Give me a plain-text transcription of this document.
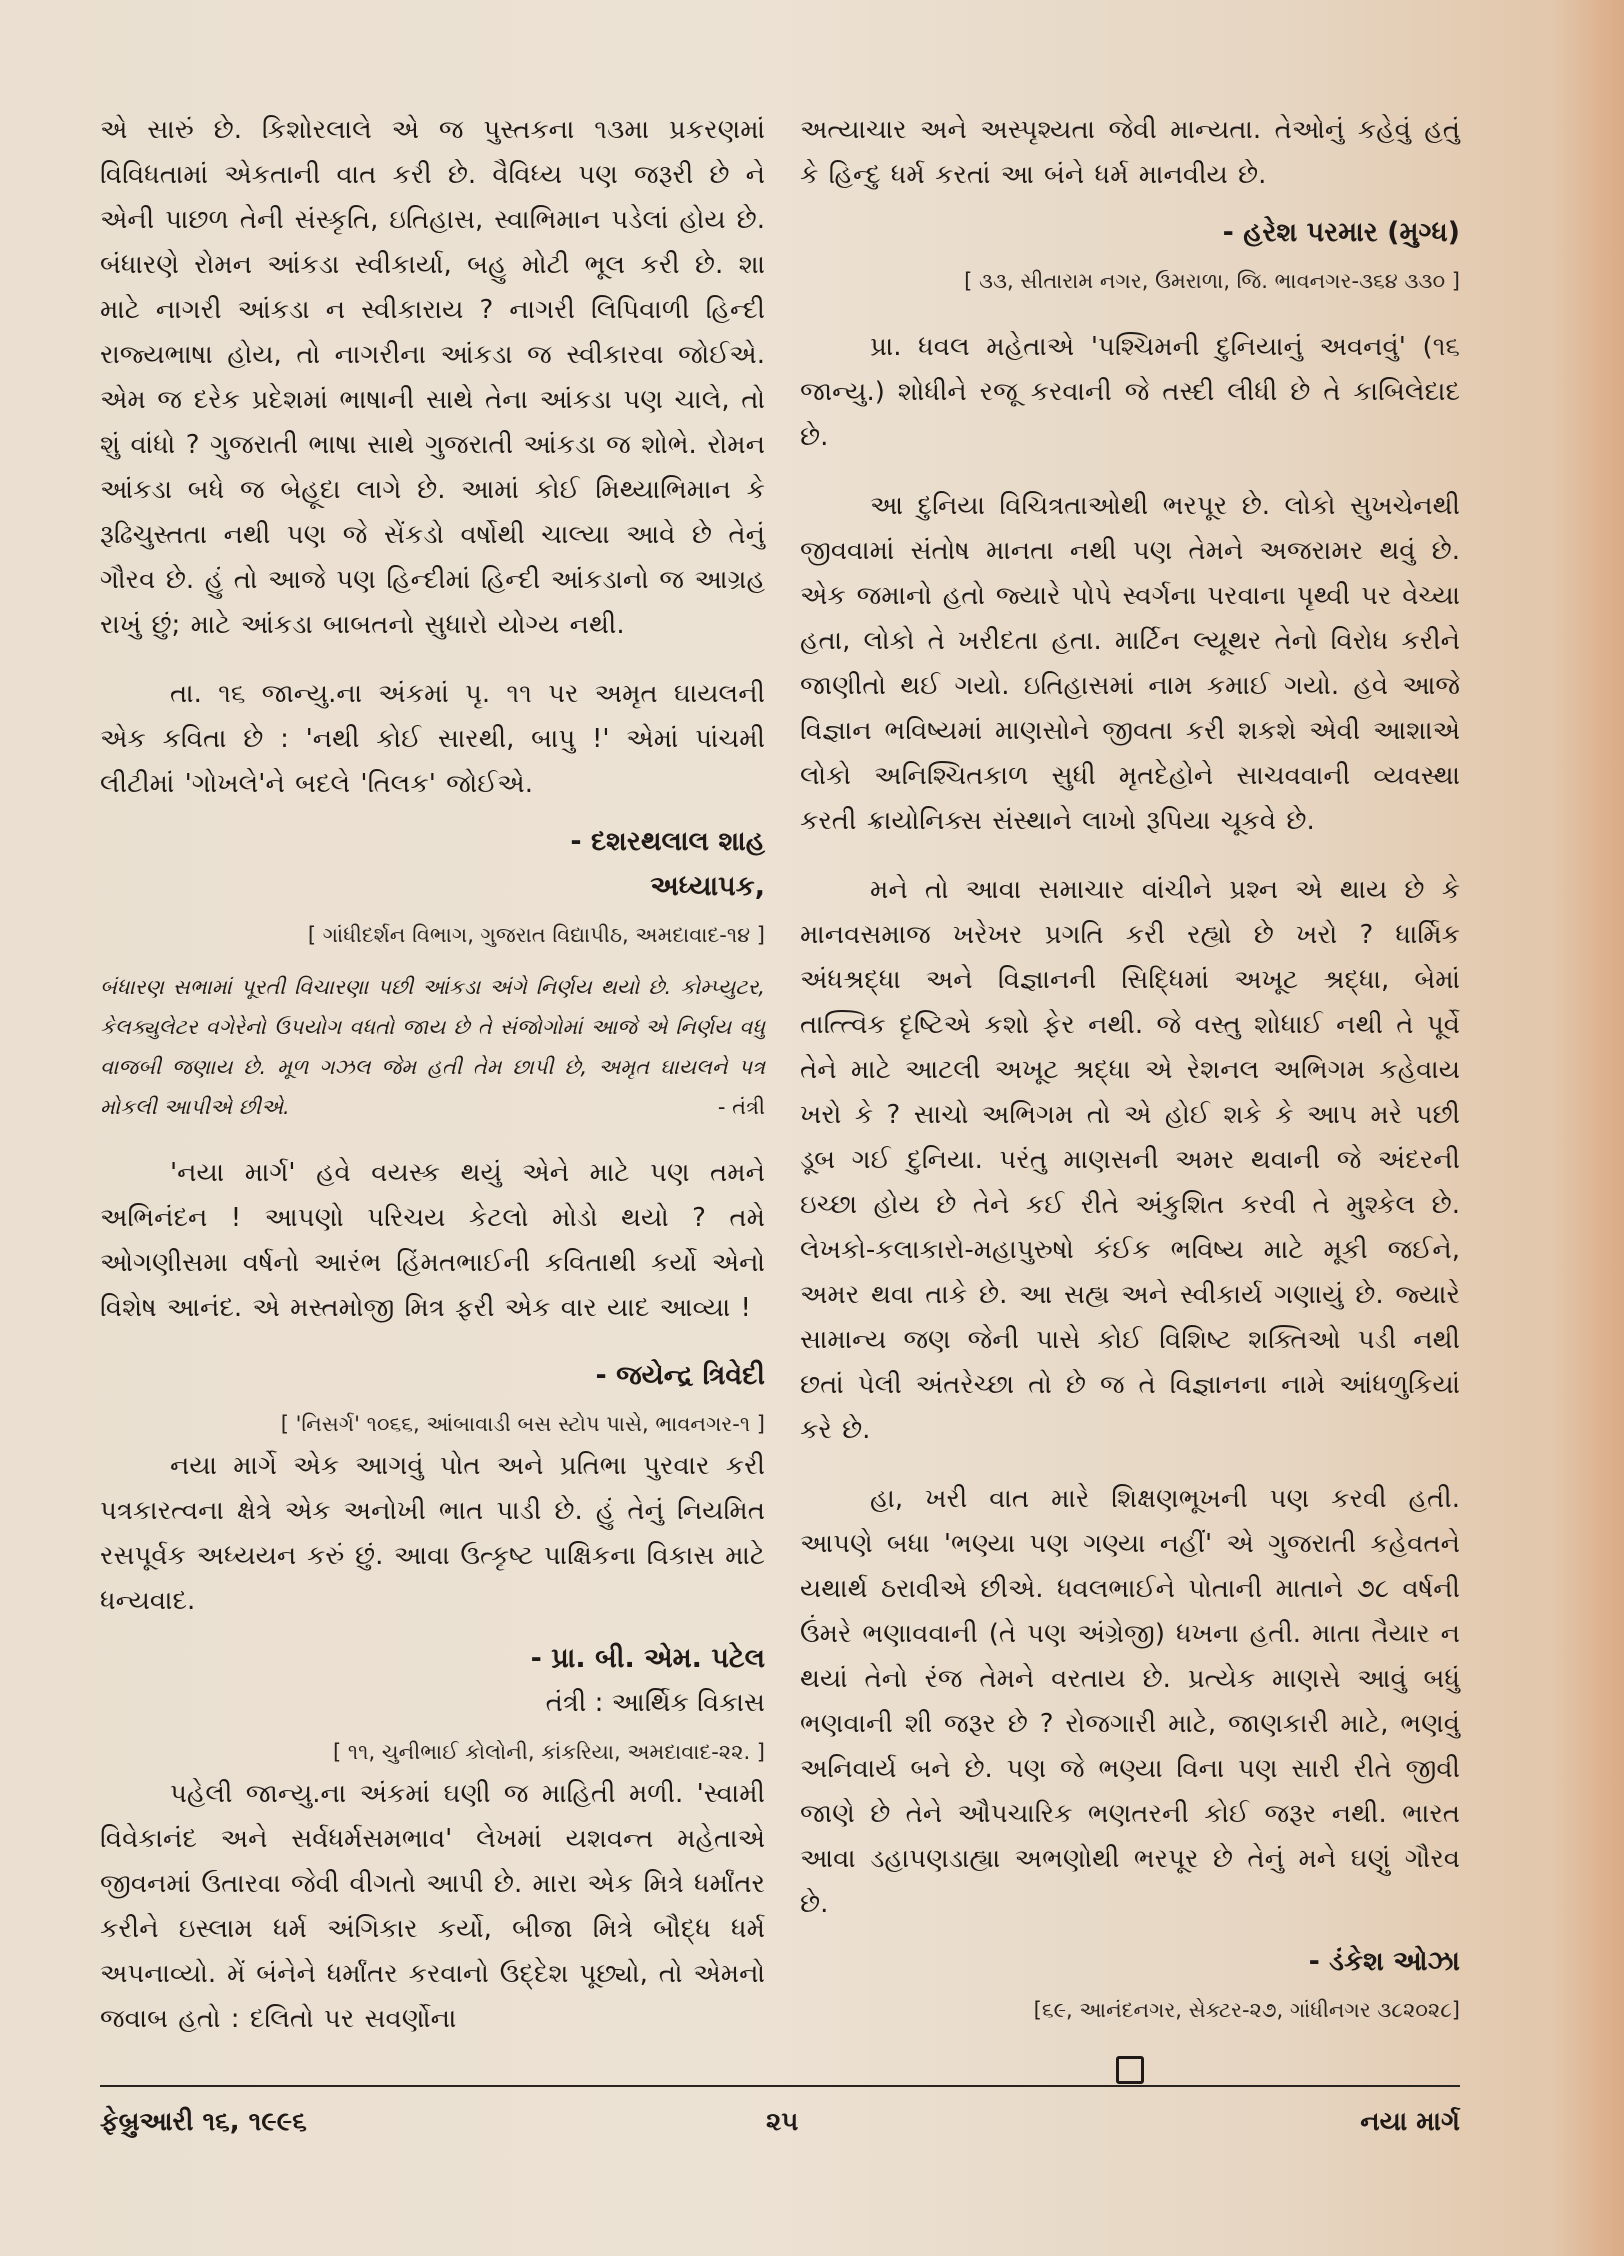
એ સારું છે. કિશોરલાલે એ જ પુસ્તકના ૧૩મા પ્રકરણમાં વિવિધતામાં એકતાની વાત કરી છે. વૈવિધ્ય પણ જરૂરી છે ને એની પાછળ તેની સંસ્કૃતિ, ઇતિહાસ, સ્વાભિમાન પડેલાં હોય છે. બંધારણે રોમન આંકડા સ્વીકાર્યા, બહુ મોટી ભૂલ કરી છે. શા માટે નાગરી આંકડા ન સ્વીકારાય ? નાગરી લિપિવાળી હિન્દી રાજ્યભાષા હોય, તો નાગરીના આંકડા જ સ્વીકારવા જોઈએ. એમ જ દરેક પ્રદેશમાં ભાષાની સાથે તેના આંકડા પણ ચાલે, તો શું વાંધો ? ગુજરાતી ભાષા સાથે ગુજરાતી આંકડા જ શોભે. રોમન આંકડા બધે જ બેહૂદા લાગે છે. આમાં કોઈ મિથ્યાભિમાન કે રૂઢિચુસ્તતા નથી પણ જે સેંકડો વર્ષોથી ચાલ્યા આવે છે તેનું ગૌરવ છે. હું તો આજે પણ હિન્દીમાં હિન્દી આંકડાનો જ આગ્રહ રાખું છું; માટે આંકડા બાબતનો સુધારો યોગ્ય નથી.

તા. ૧૬ જાન્યુ.ના અંકમાં પૃ. ૧૧ પર અમૃત ઘાયલની એક કવિતા છે : 'નથી કોઈ સારથી, બાપુ !' એમાં પાંચમી લીટીમાં 'ગોખલે'ને બદલે 'તિલક' જોઈએ.

- દશરથલાલ શાહ

અધ્યાપક,

[ ગાંધીદર્શન વિભાગ, ગુજરાત વિદ્યાપીઠ, અમદાવાદ-૧૪ ]

બંધારણ સભામાં પૂરતી વિચારણા પછી આંકડા અંગે નિર્ણય થયો છે. કોમ્પ્યુટર, કેલક્યુલેટર વગેરેનો ઉપયોગ વધતો જાય છે તે સંજોગોમાં આજે એ નિર્ણય વધુ વાજબી જણાય છે. મૂળ ગઝલ જેમ હતી તેમ છાપી છે, અમૃત ઘાયલને પત્ર મોકલી આપીએ છીએ.	- તંત્રી

'નયા માર્ગ' હવે વયસ્ક થયું એને માટે પણ તમને અભિનંદન ! આપણો પરિચય કેટલો મોડો થયો ? તમે ઓગણીસમા વર્ષનો આરંભ હિંમતભાઈની કવિતાથી કર્યો એનો વિશેષ આનંદ. એ મસ્તમોજી મિત્ર ફરી એક વાર યાદ આવ્યા !

- જયેન્દ્ર ત્રિવેદી

[ 'નિસર્ગ' ૧૦૬૬, આંબાવાડી બસ સ્ટોપ પાસે, ભાવનગર-૧ ]

નયા માર્ગે એક આગવું પોત અને પ્રતિભા પુરવાર કરી પત્રકારત્વના ક્ષેત્રે એક અનોખી ભાત પાડી છે. હું તેનું નિયમિત રસપૂર્વક અધ્યયન કરું છું. આવા ઉત્કૃષ્ટ પાક્ષિકના વિકાસ માટે ધન્યવાદ.

- પ્રા. બી. એમ. પટેલ

તંત્રી : આર્થિક વિકાસ

[ ૧૧, ચુનીભાઈ કોલોની, કાંકરિયા, અમદાવાદ-૨૨. ]

પહેલી જાન્યુ.ના અંકમાં ઘણી જ માહિતી મળી. 'સ્વામી વિવેકાનંદ અને સર્વધર્મસમભાવ' લેખમાં યશવન્ત મહેતાએ જીવનમાં ઉતારવા જેવી વીગતો આપી છે. મારા એક મિત્રે ધર્માંતર કરીને ઇસ્લામ ધર્મ અંગિકાર કર્યો, બીજા મિત્રે બૌદ્ધ ધર્મ અપનાવ્યો. મેં બંનેને ધર્માંતર કરવાનો ઉદ્દેશ પૂછ્યો, તો એમનો જવાબ હતો : દલિતો પર સવર્ણોના

અત્યાચાર અને અસ્પૃશ્યતા જેવી માન્યતા. તેઓનું કહેવું હતું કે હિન્દુ ધર્મ કરતાં આ બંને ધર્મ માનવીય છે.

- હરેશ પરમાર (મુગ્ધ)

[ ૩૩, સીતારામ નગર, ઉમરાળા, જિ. ભાવનગર-૩૬૪ ૩૩૦ ]

પ્રા. ધવલ મહેતાએ 'પશ્ચિમની દુનિયાનું અવનવું' (૧૬ જાન્યુ.) શોધીને રજૂ કરવાની જે તસ્દી લીધી છે તે કાબિલેદાદ છે.

આ દુનિયા વિચિત્રતાઓથી ભરપૂર છે. લોકો સુખચેનથી જીવવામાં સંતોષ માનતા નથી પણ તેમને અજરામર થવું છે. એક જમાનો હતો જ્યારે પોપે સ્વર્ગના પરવાના પૃથ્વી પર વેચ્યા હતા, લોકો તે ખરીદતા હતા. માર્ટિન લ્યૂથર તેનો વિરોધ કરીને જાણીતો થઈ ગયો. ઇતિહાસમાં નામ કમાઈ ગયો. હવે આજે વિજ્ઞાન ભવિષ્યમાં માણસોને જીવતા કરી શકશે એવી આશાએ લોકો અનિશ્ચિતકાળ સુધી મૃતદેહોને સાચવવાની વ્યવસ્થા કરતી ક્રાયોનિક્સ સંસ્થાને લાખો રૂપિયા ચૂકવે છે.

મને તો આવા સમાચાર વાંચીને પ્રશ્ન એ થાય છે કે માનવસમાજ ખરેખર પ્રગતિ કરી રહ્યો છે ખરો ? ધાર્મિક અંધશ્રદ્ધા અને વિજ્ઞાનની સિદ્ધિમાં અખૂટ શ્રદ્ધા, બેમાં તાત્ત્વિક દૃષ્ટિએ કશો ફેર નથી. જે વસ્તુ શોધાઈ નથી તે પૂર્વે તેને માટે આટલી અખૂટ શ્રદ્ધા એ રેશનલ અભિગમ કહેવાય ખરો કે ? સાચો અભિગમ તો એ હોઈ શકે કે આપ મરે પછી ડૂબ ગઈ દુનિયા. પરંતુ માણસની અમર થવાની જે અંદરની ઇચ્છા હોય છે તેને કઈ રીતે અંકુશિત કરવી તે મુશ્કેલ છે. લેખકો-કલાકારો-મહાપુરુષો કંઈક ભવિષ્ય માટે મૂકી જઈને, અમર થવા તાકે છે. આ સહ્ય અને સ્વીકાર્ય ગણાયું છે. જ્યારે સામાન્ય જણ જેની પાસે કોઈ વિશિષ્ટ શક્તિઓ પડી નથી છતાં પેલી અંતરેચ્છા તો છે જ તે વિજ્ઞાનના નામે આંધળુકિયાં કરે છે.

હા, ખરી વાત મારે શિક્ષણભૂખની પણ કરવી હતી. આપણે બધા 'ભણ્યા પણ ગણ્યા નહીં' એ ગુજરાતી કહેવતને યથાર્થ ઠરાવીએ છીએ. ધવલભાઈને પોતાની માતાને ૭૮ વર્ષની ઉંમરે ભણાવવાની (તે પણ અંગ્રેજી) ધખના હતી. માતા તૈયાર ન થયાં તેનો રંજ તેમને વરતાય છે. પ્રત્યેક માણસે આવું બધું ભણવાની શી જરૂર છે ? રોજગારી માટે, જાણકારી માટે, ભણવું અનિવાર્ય બને છે. પણ જે ભણ્યા વિના પણ સારી રીતે જીવી જાણે છે તેને ઔપચારિક ભણતરની કોઈ જરૂર નથી. ભારત આવા ડહાપણડાહ્યા અભણોથી ભરપૂર છે તેનું મને ઘણું ગૌરવ છે.

- ડંકેશ ઓઝા

[૬૯, આનંદનગર, સેક્ટર-૨૭, ગાંધીનગર ૩૮૨૦૨૮]

ફેબ્રુઆરી ૧૬, ૧૯૯૬	૨૫	નયા માર્ગ
